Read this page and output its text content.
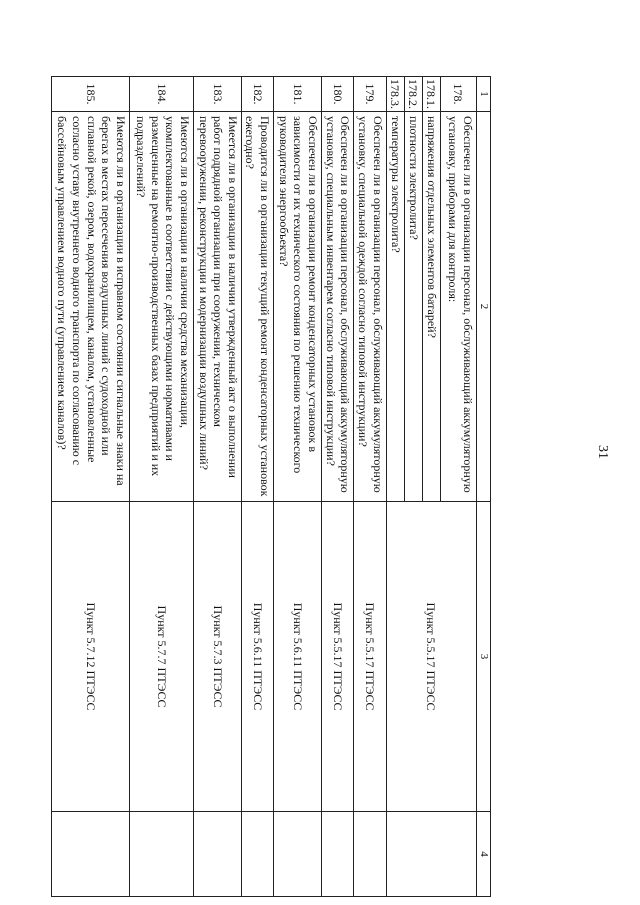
31
1	2	3	4
178.	Обеспечен ли в организации персонал, обслуживающий аккумуляторную установку, приборами для контроля:	Пункт 5.5.17 ПТЭСС	
178.1.	напряжения отдельных элементов батарей?		
178.2.	плотности электролита?		
178.3.	температуры электролита?		
179.	Обеспечен ли в организации персонал, обслуживающий аккумуляторную установку, специальной одеждой согласно типовой инструкции?	Пункт 5.5.17 ПТЭСС	
180.	Обеспечен ли в организации персонал, обслуживающий аккумуляторную установку, специальным инвентарем согласно типовой инструкции?	Пункт 5.5.17 ПТЭСС	
181.	Обеспечен ли в организации ремонт конденсаторных установок в зависимости от их технического состояния по решению технического руководителя энергообъекта?	Пункт 5.6.11 ПТЭСС	
182.	Проводится ли в организации текущий ремонт конденсаторных установок ежегодно?	Пункт 5.6.11 ПТЭСС	
183.	Имеется ли в организации в наличии утвержденный акт о выполнении работ подрядной организации при сооружении, техническом перевооружении, реконструкции и модернизации воздушных линий?	Пункт 5.7.3 ПТЭСС	
184.	Имеются ли в организации в наличии средства механизации, укомплектованные в соответствии с действующими нормативами и размещенные на ремонтно-производственных базах предприятий и их подразделений?	Пункт 5.7.7 ПТЭСС	
185.	Имеются ли в организации в исправном состоянии сигнальные знаки на берегах в местах пересечения воздушных линий с судоходной или сплавной рекой, озером, водохранилищем, каналом, установленные согласно уставу внутреннего водного транспорта по согласованию с бассейновым управлением водного пути (управлением каналов)?	Пункт 5.7.12 ПТЭСС	
